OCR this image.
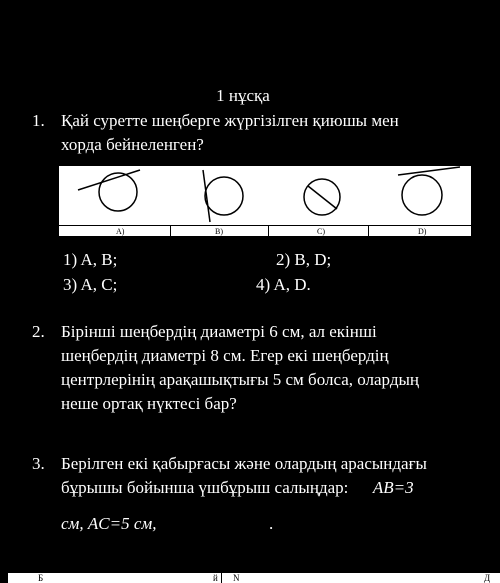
1 нұсқа
1. Қай суретте шеңберге жүргізілген қиюшы мен
хорда бейнеленген?
A)	B)	C)	D)
1) A, B;	2) B, D;
3) A, C;	4) A, D.
2. Бірінші шеңбердің диаметрі 6 см, ал екінші
шеңбердің диаметрі 8 см. Егер екі шеңбердің
центрлерінің арақашықтығы 5 см болса, олардың
неше ортақ нүктесі бар?
3. Берілген екі қабырғасы және олардың арасындағы
бұрышы бойынша үшбұрыш салыңдар: AB=3
см, AC=5 см,	.
Б	й N	Д
